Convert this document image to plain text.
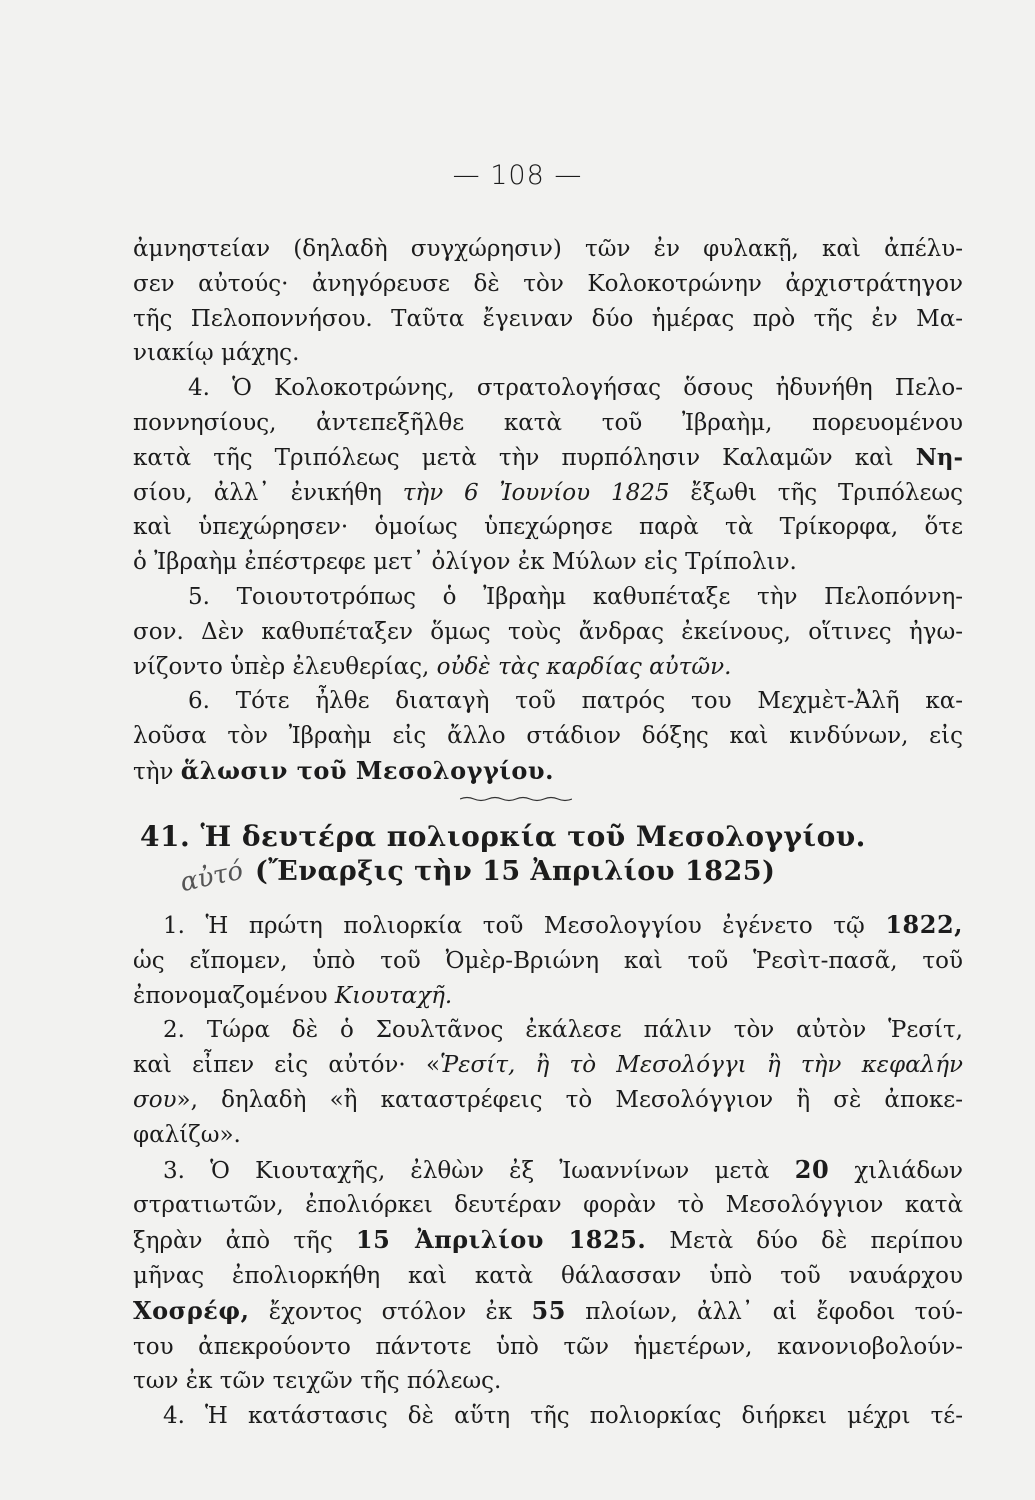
— 108 —
ἀμνηστείαν (δηλαδὴ συγχώρησιν) τῶν ἐν φυλακῇ, καὶ ἀπέλυ-
σεν αὐτούς· ἀνηγόρευσε δὲ τὸν Κολοκοτρώνην ἀρχιστράτηγον
τῆς Πελοποννήσου. Ταῦτα ἔγειναν δύο ἡμέρας πρὸ τῆς ἐν Μα-
νιακίῳ μάχης.
4. Ὁ Κολοκοτρώνης, στρατολογήσας ὅσους ἠδυνήθη Πελο-
ποννησίους, ἀντεπεξῆλθε κατὰ τοῦ Ἰβραὴμ, πορευομένου
κατὰ τῆς Τριπόλεως μετὰ τὴν πυρπόλησιν Καλαμῶν καὶ Νη-
σίου, ἀλλ᾽ ἐνικήθη τὴν 6 Ἰουνίου 1825 ἔξωθι τῆς Τριπόλεως
καὶ ὑπεχώρησεν· ὁμοίως ὑπεχώρησε παρὰ τὰ Τρίκορφα, ὅτε
ὁ Ἰβραὴμ ἐπέστρεφε μετ᾽ ὀλίγον ἐκ Μύλων εἰς Τρίπολιν.
5. Τοιουτοτρόπως ὁ Ἰβραὴμ καθυπέταξε τὴν Πελοπόννη-
σον. Δὲν καθυπέταξεν ὅμως τοὺς ἄνδρας ἐκείνους, οἵτινες ἠγω-
νίζοντο ὑπὲρ ἐλευθερίας, οὐδὲ τὰς καρδίας αὐτῶν.
6. Τότε ἦλθε διαταγὴ τοῦ πατρός του Μεχμὲτ-Ἀλῆ κα-
λοῦσα τὸν Ἰβραὴμ εἰς ἄλλο στάδιον δόξης καὶ κινδύνων, εἰς
τὴν ἅλωσιν τοῦ Μεσολογγίου.
41. Ἡ δευτέρα πολιορκία τοῦ Μεσολογγίου.
αὐτό (Ἔναρξις τὴν 15 Ἀπριλίου 1825)
1. Ἡ πρώτη πολιορκία τοῦ Μεσολογγίου ἐγένετο τῷ 1822,
ὡς εἴπομεν, ὑπὸ τοῦ Ὀμὲρ-Βριώνη καὶ τοῦ Ῥεσὶτ-πασᾶ, τοῦ
ἐπονομαζομένου Κιουταχῆ.
2. Τώρα δὲ ὁ Σουλτᾶνος ἐκάλεσε πάλιν τὸν αὐτὸν Ῥεσίτ,
καὶ εἶπεν εἰς αὐτόν· «Ῥεσίτ, ἢ τὸ Μεσολόγγι ἢ τὴν κεφαλήν
σου», δηλαδὴ «ἢ καταστρέφεις τὸ Μεσολόγγιον ἢ σὲ ἀποκε-
φαλίζω».
3. Ὁ Κιουταχῆς, ἐλθὼν ἐξ Ἰωαννίνων μετὰ 20 χιλιάδων
στρατιωτῶν, ἐπολιόρκει δευτέραν φορὰν τὸ Μεσολόγγιον κατὰ
ξηρὰν ἀπὸ τῆς 15 Ἀπριλίου 1825. Μετὰ δύο δὲ περίπου
μῆνας ἐπολιορκήθη καὶ κατὰ θάλασσαν ὑπὸ τοῦ ναυάρχου
Χοσρέφ, ἔχοντος στόλον ἐκ 55 πλοίων, ἀλλ᾽ αἱ ἔφοδοι τού-
του ἀπεκρούοντο πάντοτε ὑπὸ τῶν ἡμετέρων, κανονιοβολούν-
των ἐκ τῶν τειχῶν τῆς πόλεως.
4. Ἡ κατάστασις δὲ αὕτη τῆς πολιορκίας διήρκει μέχρι τέ-
